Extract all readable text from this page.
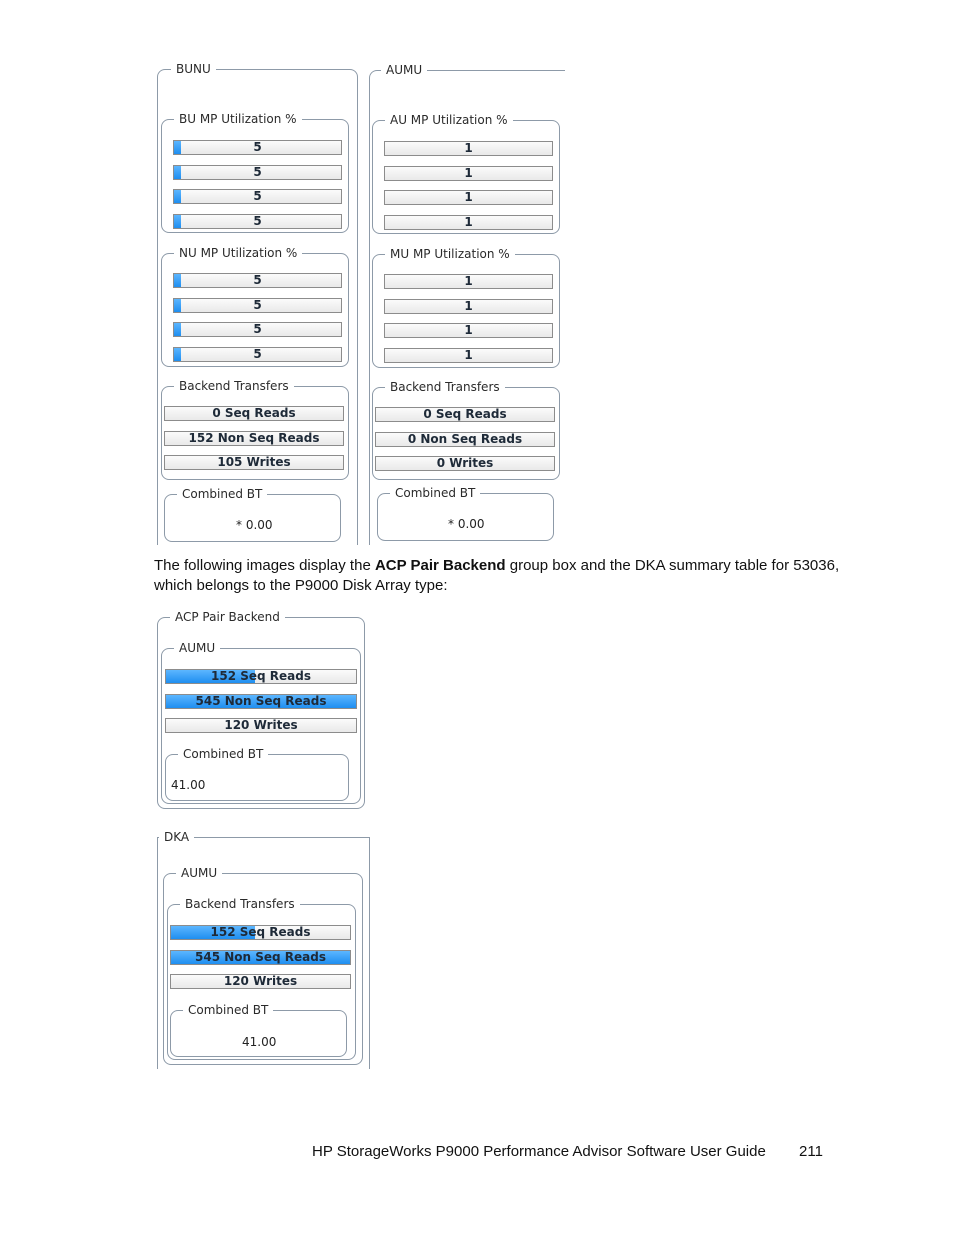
BUNU
BU MP Utilization %
5
5
5
5
NU MP Utilization %
5
5
5
5
Backend Transfers
0 Seq Reads
152 Non Seq Reads
105 Writes
Combined BT
* 0.00
AUMU
AU MP Utilization %
1
1
1
1
MU MP Utilization %
1
1
1
1
Backend Transfers
0 Seq Reads
0 Non Seq Reads
0 Writes
Combined BT
* 0.00
The following images display the ACP Pair Backend group box and the DKA summary table for 53036, which belongs to the P9000 Disk Array type:
ACP Pair Backend
AUMU
152 Seq Reads
545 Non Seq Reads
120 Writes
Combined BT
41.00
DKA
AUMU
Backend Transfers
152 Seq Reads
545 Non Seq Reads
120 Writes
Combined BT
41.00
HP StorageWorks P9000 Performance Advisor Software User Guide 211
